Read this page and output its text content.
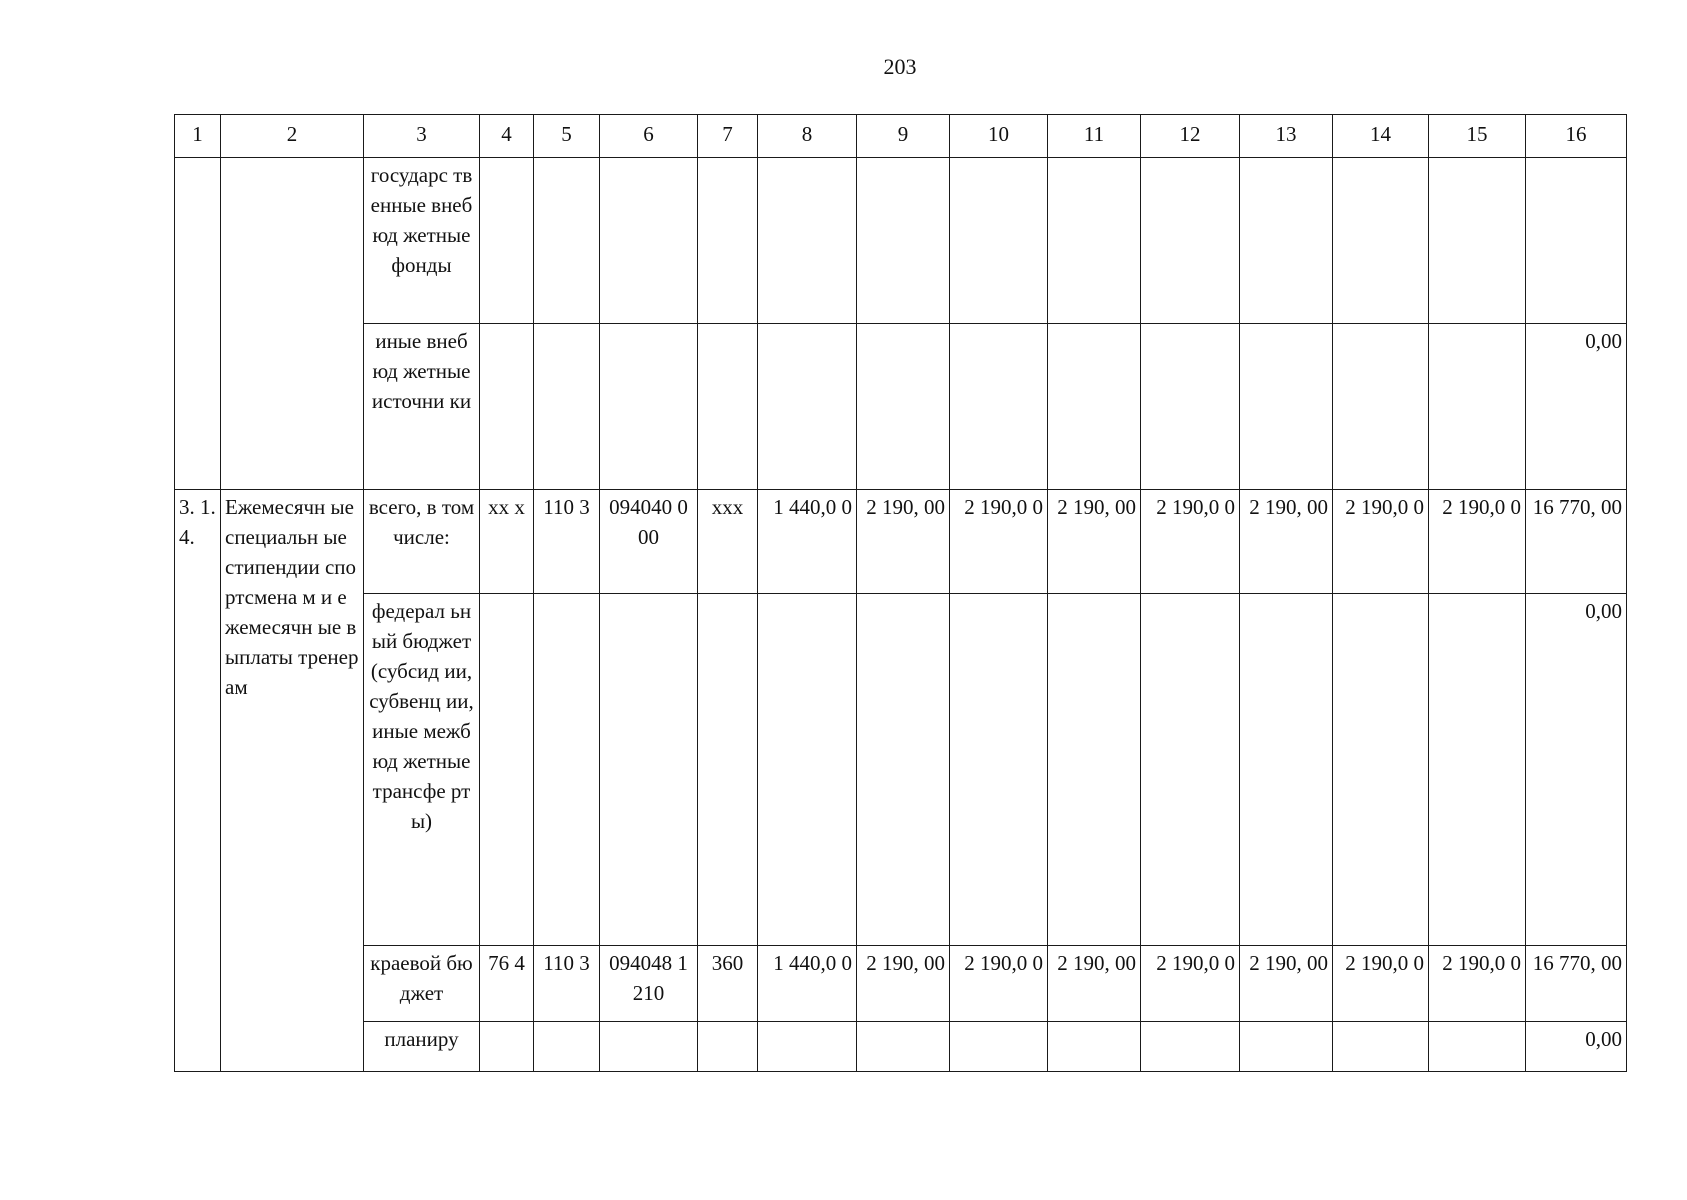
203
1	2	3	4	5	6	7	8	9	10	11	12	13	14	15	16
		государс твенные внебюд жетные фонды													
		иные внебюд жетные источни ки													0,00
3. 1. 4.	Ежемесячн ые специальн ые стипендии спортсмена м и ежемесячн ые выплаты тренерам	всего, в том числе:	xx x	110 3	094040 000	xxx	1 440,0 0	2 190, 00	2 190,0 0	2 190, 00	2 190,0 0	2 190, 00	2 190,0 0	2 190,0 0	16 770, 00
		федерал ьный бюджет (субсид ии, субвенц ии, иные межбюд жетные трансфе рты)													0,00
		краевой бюджет	76 4	110 3	094048 1210	360	1 440,0 0	2 190, 00	2 190,0 0	2 190, 00	2 190,0 0	2 190, 00	2 190,0 0	2 190,0 0	16 770, 00
		планиру													0,00
